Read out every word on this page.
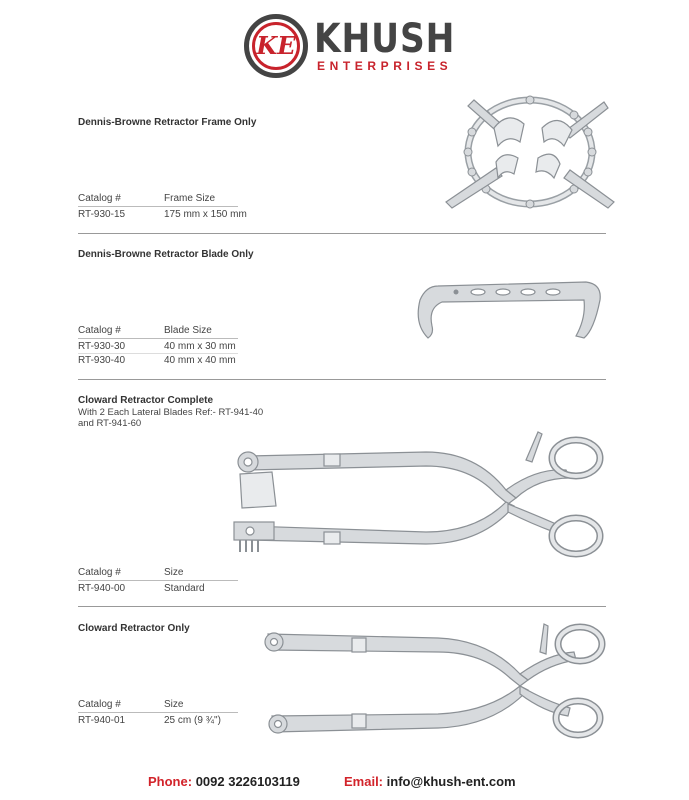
KE KHUSH
ENTERPRISES
Dennis-Browne Retractor Frame Only
Catalog #	Frame Size
RT-930-15	175 mm x 150 mm
Dennis-Browne Retractor Blade Only
Catalog #	Blade Size
RT-930-30	40 mm x 30 mm
RT-930-40	40 mm x 40 mm
Cloward Retractor Complete
With 2 Each Lateral Blades Ref:- RT-941-40
and RT-941-60
Catalog #	Size
RT-940-00	Standard
Cloward Retractor Only
Catalog #	Size
RT-940-01	25 cm (9 ¾")
Phone: 0092 3226103119	Email: info@khush-ent.com
